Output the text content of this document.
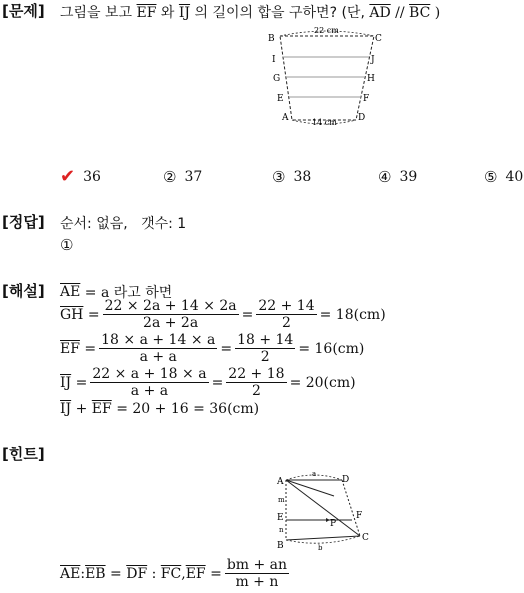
[문제] 그림을 보고 $\overline{EF}$ 와 $\overline{IJ}$ 의 길이의 합을 구하면? (단, $\overline{AD} // \overline{BC}$ )
B	C
I	J
G	H
E	F
A	D
22 cm
14 cm
✔ 36	② 37	③ 38	④ 39	⑤ 40
[정답] 순서: 없음, 갯수: 1
①
[해설] $\overline{AE}$
= a 라고 하면
$\overline{GH} = \frac{22 \times 2a + 14 \times 2a}{2a + 2a} = \frac{22 + 14}{2} = 18(cm)$
$\overline{EF} = \frac{18 \times a + 14 \times a}{a + a} = \frac{18 + 14}{2} = 16(cm)$
$\overline{IJ} = \frac{22 \times a + 18 \times a}{a + a} = \frac{22 + 18}{2} = 20(cm)$
$\overline{IJ}$
+
$\overline{EF}$
= 20 + 16 = 36(cm)
[힌트]
A	D
E	F
P
B
C
m
n
a
b
$\overline{AE}$ : $\overline{EB}$
=
$\overline{DF}$
:
$\overline{FC}$ , $\overline{EF}$
= $\frac{bm + an}{m + n}$
